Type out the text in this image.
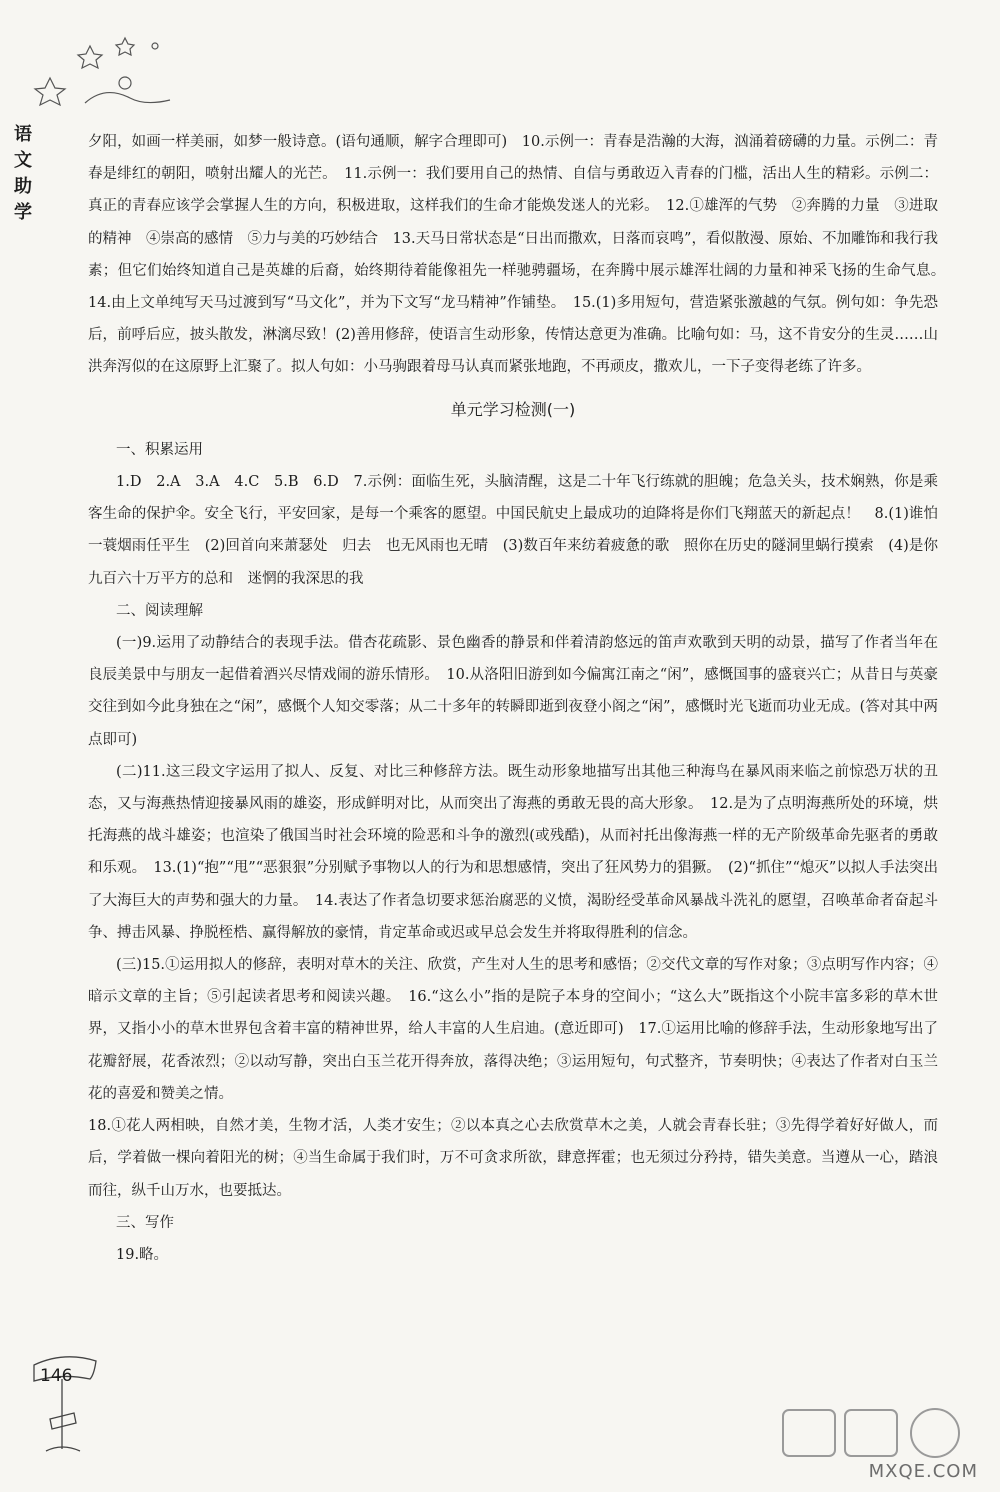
语文助学

夕阳，如画一样美丽，如梦一般诗意。(语句通顺，解字合理即可)　10.示例一：青春是浩瀚的大海，汹涌着磅礴的力量。示例二：青春是绯红的朝阳，喷射出耀人的光芒。　11.示例一：我们要用自己的热情、自信与勇敢迈入青春的门槛，活出人生的精彩。示例二：真正的青春应该学会掌握人生的方向，积极进取，这样我们的生命才能焕发迷人的光彩。　12.①雄浑的气势　②奔腾的力量　③进取的精神　④崇高的感情　⑤力与美的巧妙结合　13.天马日常状态是“日出而撒欢，日落而哀鸣”，看似散漫、原始、不加雕饰和我行我素；但它们始终知道自己是英雄的后裔，始终期待着能像祖先一样驰骋疆场，在奔腾中展示雄浑壮阔的力量和神采飞扬的生命气息。　14.由上文单纯写天马过渡到写“马文化”，并为下文写“龙马精神”作铺垫。　15.(1)多用短句，营造紧张激越的气氛。例句如：争先恐后，前呼后应，披头散发，淋漓尽致！(2)善用修辞，使语言生动形象，传情达意更为准确。比喻句如：马，这不肯安分的生灵……山洪奔泻似的在这原野上汇聚了。拟人句如：小马驹跟着母马认真而紧张地跑，不再顽皮，撒欢儿，一下子变得老练了许多。

单元学习检测(一)

一、积累运用

1.D　2.A　3.A　4.C　5.B　6.D　7.示例：面临生死，头脑清醒，这是二十年飞行练就的胆魄；危急关头，技术娴熟，你是乘客生命的保护伞。安全飞行，平安回家，是每一个乘客的愿望。中国民航史上最成功的迫降将是你们飞翔蓝天的新起点！　8.(1)谁怕　一蓑烟雨任平生　(2)回首向来萧瑟处　归去　也无风雨也无晴　(3)数百年来纺着疲惫的歌　照你在历史的隧洞里蜗行摸索　(4)是你九百六十万平方的总和　迷惘的我深思的我

二、阅读理解

(一)9.运用了动静结合的表现手法。借杏花疏影、景色幽香的静景和伴着清韵悠远的笛声欢歌到天明的动景，描写了作者当年在良辰美景中与朋友一起借着酒兴尽情戏闹的游乐情形。　10.从洛阳旧游到如今偏寓江南之“闲”，感慨国事的盛衰兴亡；从昔日与英豪交往到如今此身独在之“闲”，感慨个人知交零落；从二十多年的转瞬即逝到夜登小阁之“闲”，感慨时光飞逝而功业无成。(答对其中两点即可)

(二)11.这三段文字运用了拟人、反复、对比三种修辞方法。既生动形象地描写出其他三种海鸟在暴风雨来临之前惊恐万状的丑态，又与海燕热情迎接暴风雨的雄姿，形成鲜明对比，从而突出了海燕的勇敢无畏的高大形象。　12.是为了点明海燕所处的环境，烘托海燕的战斗雄姿；也渲染了俄国当时社会环境的险恶和斗争的激烈(或残酷)，从而衬托出像海燕一样的无产阶级革命先驱者的勇敢和乐观。　13.(1)“抱”“甩”“恶狠狠”分别赋予事物以人的行为和思想感情，突出了狂风势力的猖獗。　(2)“抓住”“熄灭”以拟人手法突出了大海巨大的声势和强大的力量。　14.表达了作者急切要求惩治腐恶的义愤，渴盼经受革命风暴战斗洗礼的愿望，召唤革命者奋起斗争、搏击风暴、挣脱桎梏、赢得解放的豪情，肯定革命或迟或早总会发生并将取得胜利的信念。

(三)15.①运用拟人的修辞，表明对草木的关注、欣赏，产生对人生的思考和感悟；②交代文章的写作对象；③点明写作内容；④暗示文章的主旨；⑤引起读者思考和阅读兴趣。　16.“这么小”指的是院子本身的空间小；“这么大”既指这个小院丰富多彩的草木世界，又指小小的草木世界包含着丰富的精神世界，给人丰富的人生启迪。(意近即可)　17.①运用比喻的修辞手法，生动形象地写出了花瓣舒展，花香浓烈；②以动写静，突出白玉兰花开得奔放，落得决绝；③运用短句，句式整齐，节奏明快；④表达了作者对白玉兰花的喜爱和赞美之情。

18.①花人两相映，自然才美，生物才活，人类才安生；②以本真之心去欣赏草木之美，人就会青春长驻；③先得学着好好做人，而后，学着做一棵向着阳光的树；④当生命属于我们时，万不可贪求所欲，肆意挥霍；也无须过分矜持，错失美意。当遵从一心，踏浪而往，纵千山万水，也要抵达。

三、写作

19.略。

146
MXQE.COM
